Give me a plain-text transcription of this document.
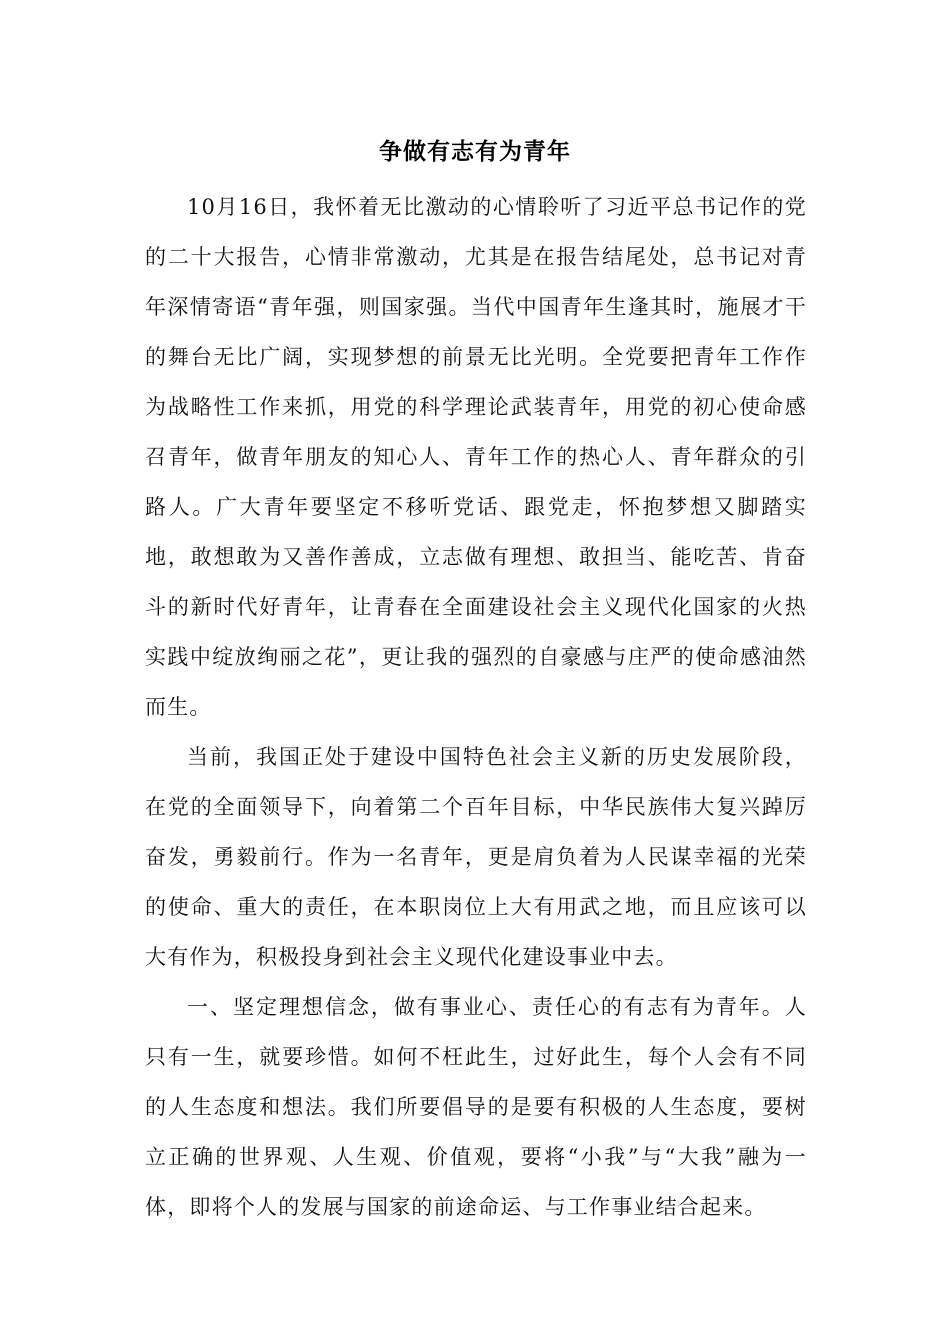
争做有志有为青年

10月16日，我怀着无比激动的心情聆听了习近平总书记作的党的二十大报告，心情非常激动，尤其是在报告结尾处，总书记对青年深情寄语“青年强，则国家强。当代中国青年生逢其时，施展才干的舞台无比广阔，实现梦想的前景无比光明。全党要把青年工作作为战略性工作来抓，用党的科学理论武装青年，用党的初心使命感召青年，做青年朋友的知心人、青年工作的热心人、青年群众的引路人。广大青年要坚定不移听党话、跟党走，怀抱梦想又脚踏实地，敢想敢为又善作善成，立志做有理想、敢担当、能吃苦、肯奋斗的新时代好青年，让青春在全面建设社会主义现代化国家的火热实践中绽放绚丽之花”，更让我的强烈的自豪感与庄严的使命感油然而生。

当前，我国正处于建设中国特色社会主义新的历史发展阶段，在党的全面领导下，向着第二个百年目标，中华民族伟大复兴踔厉奋发，勇毅前行。作为一名青年，更是肩负着为人民谋幸福的光荣的使命、重大的责任，在本职岗位上大有用武之地，而且应该可以大有作为，积极投身到社会主义现代化建设事业中去。

一、坚定理想信念，做有事业心、责任心的有志有为青年。人只有一生，就要珍惜。如何不枉此生，过好此生，每个人会有不同的人生态度和想法。我们所要倡导的是要有积极的人生态度，要树立正确的世界观、人生观、价值观，要将“小我”与“大我”融为一体，即将个人的发展与国家的前途命运、与工作事业结合起来。
